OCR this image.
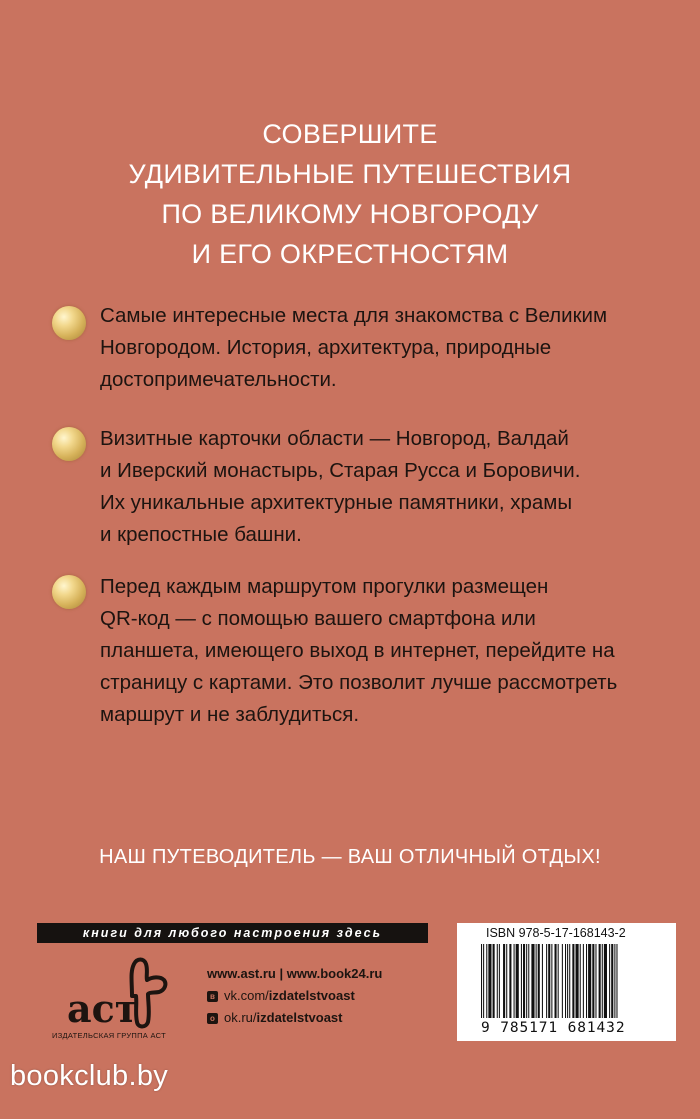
СОВЕРШИТЕ
УДИВИТЕЛЬНЫЕ ПУТЕШЕСТВИЯ
ПО ВЕЛИКОМУ НОВГОРОДУ
И ЕГО ОКРЕСТНОСТЯМ
Самые интересные места для знакомства с Великим
Новгородом. История, архитектура, природные
достопримечательности.
Визитные карточки области — Новгород, Валдай
и Иверский монастырь, Старая Русса и Боровичи.
Их уникальные архитектурные памятники, храмы
и крепостные башни.
Перед каждым маршрутом прогулки размещен
QR-код — с помощью вашего смартфона или
планшета, имеющего выход в интернет, перейдите на
страницу с картами. Это позволит лучше рассмотреть
маршрут и не заблудиться.
НАШ ПУТЕВОДИТЕЛЬ — ВАШ ОТЛИЧНЫЙ ОТДЫХ!
книги для любого настроения здесь
аст
ИЗДАТЕЛЬСКАЯ ГРУППА АСТ
www.ast.ru | www.book24.ru
в vk.com/ izdatelstvoast
о ok.ru/ izdatelstvoast
ISBN 978-5-17-168143-2
9 785171 681432
bookclub.by
